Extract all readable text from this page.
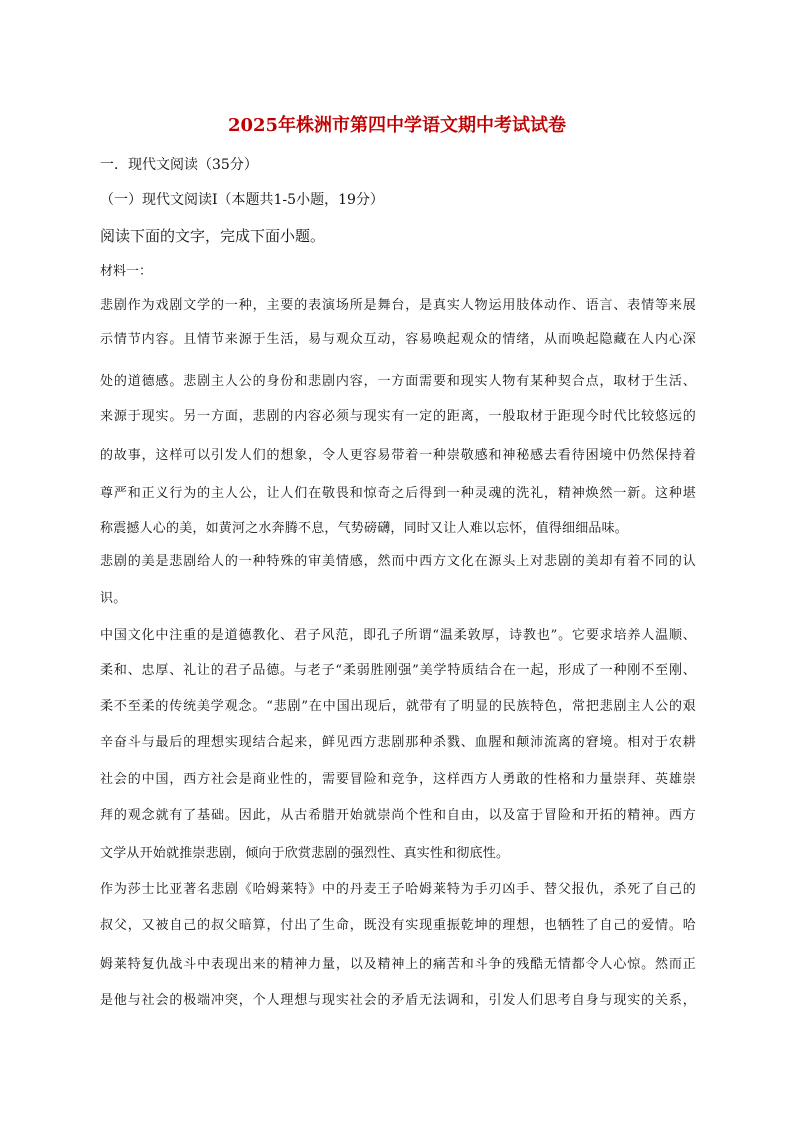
2025年株洲市第四中学语文期中考试试卷

一．现代文阅读（35分）

（一）现代文阅读Ⅰ（本题共1-5小题，19分）

阅读下面的文字，完成下面小题。

材料一：

悲剧作为戏剧文学的一种，主要的表演场所是舞台，是真实人物运用肢体动作、语言、表情等来展

示情节内容。且情节来源于生活，易与观众互动，容易唤起观众的情绪，从而唤起隐藏在人内心深

处的道德感。悲剧主人公的身份和悲剧内容，一方面需要和现实人物有某种契合点，取材于生活、

来源于现实。另一方面，悲剧的内容必须与现实有一定的距离，一般取材于距现今时代比较悠远的

的故事，这样可以引发人们的想象，令人更容易带着一种崇敬感和神秘感去看待困境中仍然保持着

尊严和正义行为的主人公，让人们在敬畏和惊奇之后得到一种灵魂的洗礼，精神焕然一新。这种堪

称震撼人心的美，如黄河之水奔腾不息，气势磅礴，同时又让人难以忘怀，值得细细品味。

悲剧的美是悲剧给人的一种特殊的审美情感，然而中西方文化在源头上对悲剧的美却有着不同的认

识。

中国文化中注重的是道德教化、君子风范，即孔子所谓“温柔敦厚，诗教也”。它要求培养人温顺、

柔和、忠厚、礼让的君子品德。与老子“柔弱胜刚强”美学特质结合在一起，形成了一种刚不至刚、

柔不至柔的传统美学观念。“悲剧”在中国出现后，就带有了明显的民族特色，常把悲剧主人公的艰

辛奋斗与最后的理想实现结合起来，鲜见西方悲剧那种杀戮、血腥和颠沛流离的窘境。相对于农耕

社会的中国，西方社会是商业性的，需要冒险和竞争，这样西方人勇敢的性格和力量崇拜、英雄崇

拜的观念就有了基础。因此，从古希腊开始就崇尚个性和自由，以及富于冒险和开拓的精神。西方

文学从开始就推崇悲剧，倾向于欣赏悲剧的强烈性、真实性和彻底性。

作为莎士比亚著名悲剧《哈姆莱特》中的丹麦王子哈姆莱特为手刃凶手、替父报仇，杀死了自己的

叔父，又被自己的叔父暗算，付出了生命，既没有实现重振乾坤的理想，也牺牲了自己的爱情。哈

姆莱特复仇战斗中表现出来的精神力量，以及精神上的痛苦和斗争的残酷无情都令人心惊。然而正

是他与社会的极端冲突，个人理想与现实社会的矛盾无法调和，引发人们思考自身与现实的关系，
